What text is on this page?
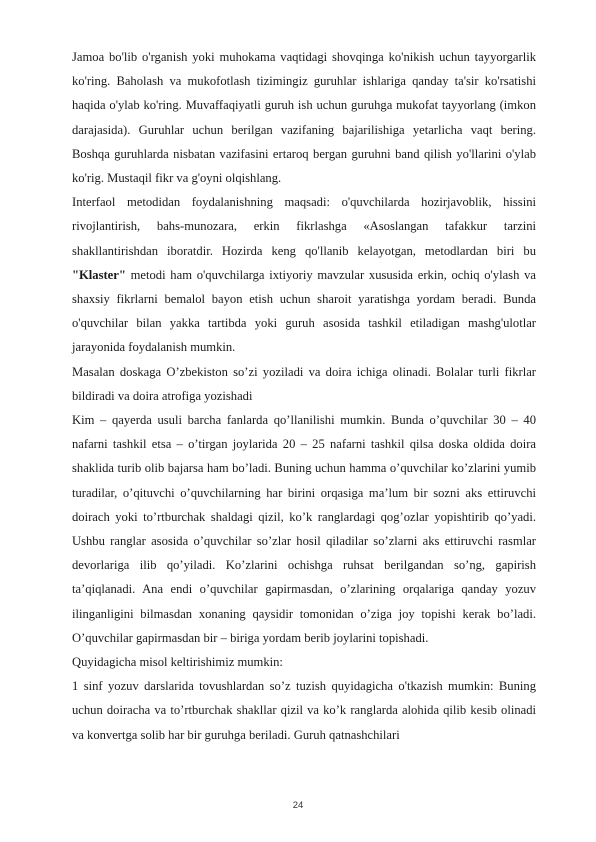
Jamoa bo'lib o'rganish yoki muhokama vaqtidagi shovqinga ko'nikish uchun tayyorgarlik ko'ring. Baholash va mukofotlash tizimingiz guruhlar ishlariga qanday ta'sir ko'rsatishi haqida o'ylab ko'ring. Muvaffaqiyatli guruh ish uchun guruhga mukofat tayyorlang (imkon darajasida). Guruhlar uchun berilgan vazifaning bajarilishiga yetarlicha vaqt bering. Boshqa guruhlarda nisbatan vazifasini ertaroq bergan guruhni band qilish yo'llarini o'ylab ko'rig. Mustaqil fikr va g'oyni olqishlang.

Interfaol metodidan foydalanishning maqsadi: o'quvchilarda hozirjavoblik, hissini rivojlantirish, bahs-munozara, erkin fikrlashga «Asoslangan tafakkur tarzini shakllantirishdan iboratdir. Hozirda keng qo'llanib kelayotgan, metodlardan biri bu "Klaster" metodi ham o'quvchilarga ixtiyoriy mavzular xususida erkin, ochiq o'ylash va shaxsiy fikrlarni bemalol bayon etish uchun sharoit yaratishga yordam beradi. Bunda o'quvchilar bilan yakka tartibda yoki guruh asosida tashkil etiladigan mashg'ulotlar jarayonida foydalanish mumkin.

Masalan doskaga O’zbekiston so’zi yoziladi va doira ichiga olinadi. Bolalar turli fikrlar bildiradi va doira atrofiga yozishadi

Kim – qayerda usuli barcha fanlarda qo’llanilishi mumkin. Bunda o’quvchilar 30 – 40 nafarni tashkil etsa – o’tirgan joylarida 20 – 25 nafarni tashkil qilsa doska oldida doira shaklida turib olib bajarsa ham bo’ladi. Buning uchun hamma o’quvchilar ko’zlarini yumib turadilar, o’qituvchi o’quvchilarning har birini orqasiga ma’lum bir sozni aks ettiruvchi doirach yoki to’rtburchak shaldagi qizil, ko’k ranglardagi qog’ozlar yopishtirib qo’yadi. Ushbu ranglar asosida o’quvchilar so’zlar hosil qiladilar so’zlarni aks ettiruvchi rasmlar devorlariga ilib qo’yiladi. Ko’zlarini ochishga ruhsat berilgandan so’ng, gapirish ta’qiqlanadi. Ana endi o’quvchilar gapirmasdan, o’zlarining orqalariga qanday yozuv ilinganligini bilmasdan xonaning qaysidir tomonidan o’ziga joy topishi kerak bo’ladi. O’quvchilar gapirmasdan bir – biriga yordam berib joylarini topishadi.

Quyidagicha misol keltirishimiz mumkin:

1 sinf yozuv darslarida tovushlardan so’z tuzish quyidagicha o'tkazish mumkin: Buning uchun doiracha va to’rtburchak shakllar qizil va ko’k ranglarda alohida qilib kesib olinadi va konvertga solib har bir guruhga beriladi. Guruh qatnashchilari

24
